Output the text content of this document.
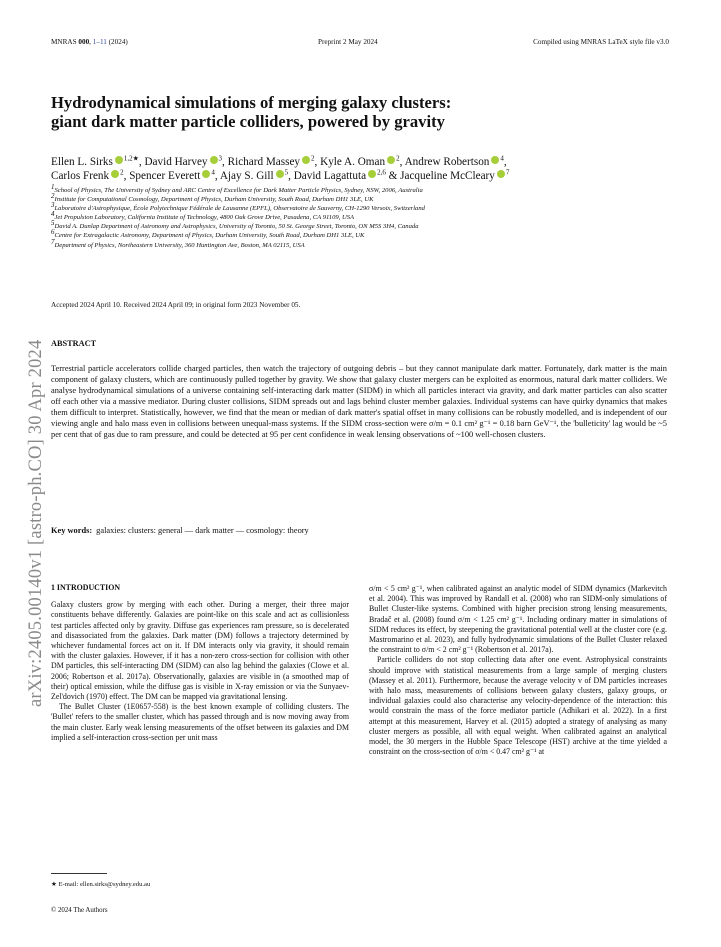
MNRAS 000, 1–11 (2024)	Preprint 2 May 2024	Compiled using MNRAS LaTeX style file v3.0
arXiv:2405.00140v1 [astro-ph.CO] 30 Apr 2024
Hydrodynamical simulations of merging galaxy clusters:
giant dark matter particle colliders, powered by gravity
Ellen L. Sirks $^{1,2★}$, David Harvey $^3$, Richard Massey $^2$, Kyle A. Oman $^2$, Andrew Robertson $^4$,
Carlos Frenk $^2$, Spencer Everett $^4$, Ajay S. Gill $^5$, David Lagattuta $^{2,6}$ & Jacqueline McCleary $^7$
$^1$School of Physics, The University of Sydney and ARC Centre of Excellence for Dark Matter Particle Physics, Sydney, NSW, 2006, Australia
$^2$Institute for Computational Cosmology, Department of Physics, Durham University, South Road, Durham DH1 3LE, UK
$^3$Laboratoire d'Astrophysique, École Polytechnique Fédérale de Lausanne (EPFL), Observatoire de Sauverny, CH-1290 Versoix, Switzerland
$^4$Jet Propulsion Laboratory, California Institute of Technology, 4800 Oak Grove Drive, Pasadena, CA 91109, USA
$^5$David A. Dunlap Department of Astronomy and Astrophysics, University of Toronto, 50 St. George Street, Toronto, ON M5S 3H4, Canada
$^6$Centre for Extragalactic Astronomy, Department of Physics, Durham University, South Road, Durham DH1 3LE, UK
$^7$Department of Physics, Northeastern University, 360 Huntington Ave, Boston, MA 02115, USA
Accepted 2024 April 10. Received 2024 April 09; in original form 2023 November 05.
ABSTRACT

Terrestrial particle accelerators collide charged particles, then watch the trajectory of outgoing debris – but they cannot manipulate dark matter. Fortunately, dark matter is the main component of galaxy clusters, which are continuously pulled together by gravity. We show that galaxy cluster mergers can be exploited as enormous, natural dark matter colliders. We analyse hydrodynamical simulations of a universe containing self-interacting dark matter (SIDM) in which all particles interact via gravity, and dark matter particles can also scatter off each other via a massive mediator. During cluster collisions, SIDM spreads out and lags behind cluster member galaxies. Individual systems can have quirky dynamics that makes them difficult to interpret. Statistically, however, we find that the mean or median of dark matter's spatial offset in many collisions can be robustly modelled, and is independent of our viewing angle and halo mass even in collisions between unequal-mass systems. If the SIDM cross-section were σ/m = 0.1 cm² g⁻¹ = 0.18 barn GeV⁻¹, the 'bulleticity' lag would be ~5 per cent that of gas due to ram pressure, and could be detected at 95 per cent confidence in weak lensing observations of ~100 well-chosen clusters.

Key words: galaxies: clusters: general — dark matter — cosmology: theory
1 INTRODUCTION

Galaxy clusters grow by merging with each other. During a merger, their three major constituents behave differently. Galaxies are point-like on this scale and act as collisionless test particles affected only by gravity. Diffuse gas experiences ram pressure, so is decelerated and disassociated from the galaxies. Dark matter (DM) follows a trajectory determined by whichever fundamental forces act on it. If DM interacts only via gravity, it should remain with the cluster galaxies. However, if it has a non-zero cross-section for collision with other DM particles, this self-interacting DM (SIDM) can also lag behind the galaxies (Clowe et al. 2006; Robertson et al. 2017a). Observationally, galaxies are visible in (a smoothed map of their) optical emission, while the diffuse gas is visible in X-ray emission or via the Sunyaev-Zel'dovich (1970) effect. The DM can be mapped via gravitational lensing.

The Bullet Cluster (1E0657-558) is the best known example of colliding clusters. The 'Bullet' refers to the smaller cluster, which has passed through and is now moving away from the main cluster. Early weak lensing measurements of the offset between its galaxies and DM implied a self-interaction cross-section per unit mass

σ/m < 5 cm² g⁻¹, when calibrated against an analytic model of SIDM dynamics (Markevitch et al. 2004). This was improved by Randall et al. (2008) who ran SIDM-only simulations of Bullet Cluster-like systems. Combined with higher precision strong lensing measurements, Bradač et al. (2008) found σ/m < 1.25 cm² g⁻¹. Including ordinary matter in simulations of SIDM reduces its effect, by steepening the gravitational potential well at the cluster core (e.g. Mastromarino et al. 2023), and fully hydrodynamic simulations of the Bullet Cluster relaxed the constraint to σ/m < 2 cm² g⁻¹ (Robertson et al. 2017a).

Particle colliders do not stop collecting data after one event. Astrophysical constraints should improve with statistical measurements from a large sample of merging clusters (Massey et al. 2011). Furthermore, because the average velocity v of DM particles increases with halo mass, measurements of collisions between galaxy clusters, galaxy groups, or individual galaxies could also characterise any velocity-dependence of the interaction: this would constrain the mass of the force mediator particle (Adhikari et al. 2022). In a first attempt at this measurement, Harvey et al. (2015) adopted a strategy of analysing as many cluster mergers as possible, all with equal weight. When calibrated against an analytical model, the 30 mergers in the Hubble Space Telescope (HST) archive at the time yielded a constraint on the cross-section of σ/m < 0.47 cm² g⁻¹ at

★ E-mail: ellen.sirks@sydney.edu.au
© 2024 The Authors
